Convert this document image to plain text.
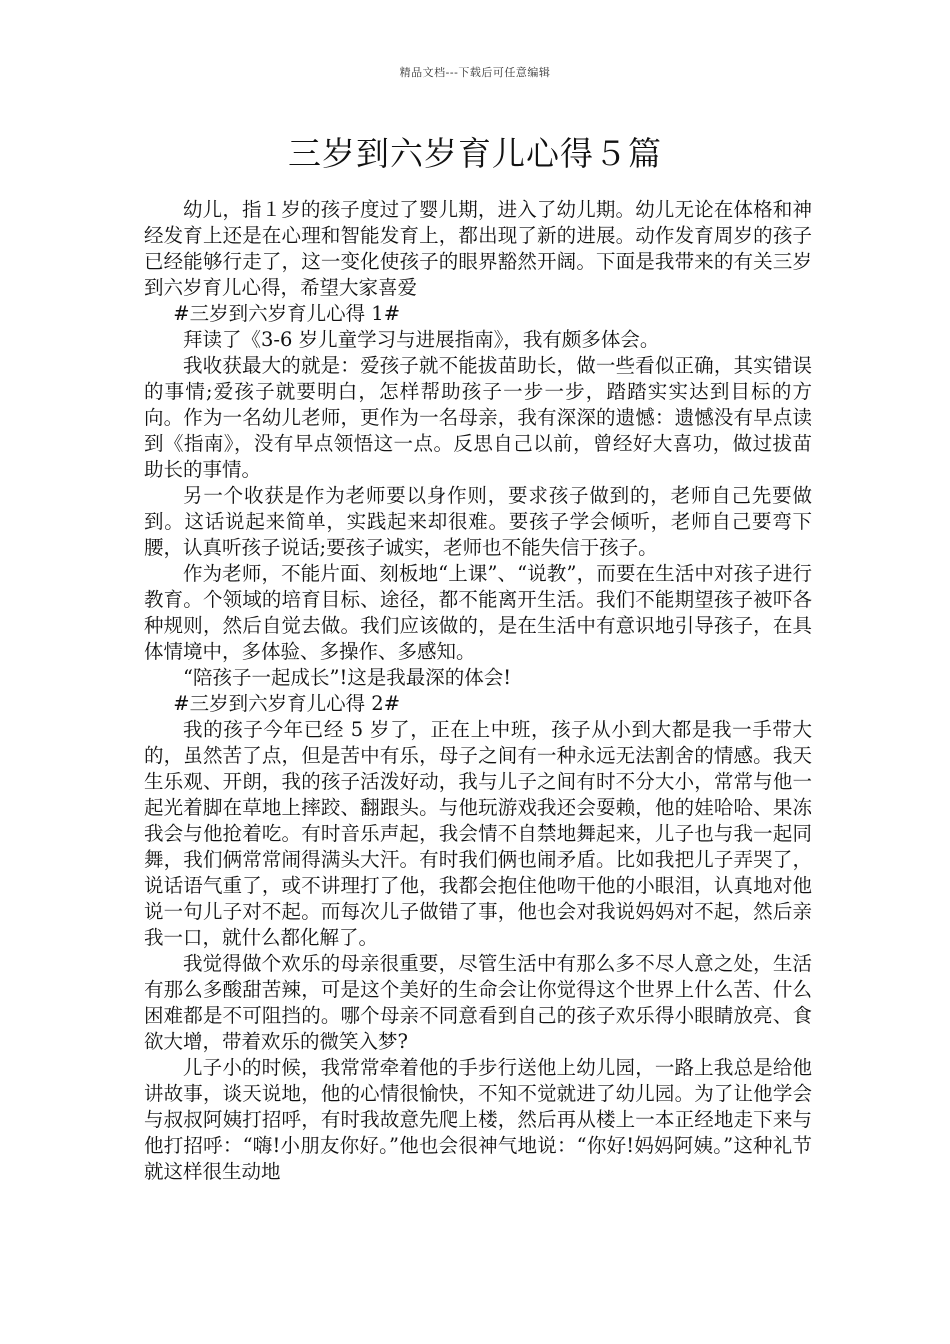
精品文档---下载后可任意编辑
三岁到六岁育儿心得５篇

幼儿，指１岁的孩子度过了婴儿期，进入了幼儿期。幼儿无论在体格和神经发育上还是在心理和智能发育上，都出现了新的进展。动作发育周岁的孩子已经能够行走了，这一变化使孩子的眼界豁然开阔。下面是我带来的有关三岁到六岁育儿心得，希望大家喜爱

#三岁到六岁育儿心得 1#

拜读了《3-6 岁儿童学习与进展指南》，我有颇多体会。

我收获最大的就是：爱孩子就不能拔苗助长，做一些看似正确，其实错误的事情;爱孩子就要明白，怎样帮助孩子一步一步，踏踏实实达到目标的方向。作为一名幼儿老师，更作为一名母亲，我有深深的遗憾：遗憾没有早点读到《指南》，没有早点领悟这一点。反思自己以前，曾经好大喜功，做过拔苗助长的事情。

另一个收获是作为老师要以身作则，要求孩子做到的，老师自己先要做到。这话说起来简单，实践起来却很难。要孩子学会倾听，老师自己要弯下腰，认真听孩子说话;要孩子诚实，老师也不能失信于孩子。

作为老师，不能片面、刻板地“上课”、“说教”，而要在生活中对孩子进行教育。个领域的培育目标、途径，都不能离开生活。我们不能期望孩子被吓各种规则，然后自觉去做。我们应该做的，是在生活中有意识地引导孩子，在具体情境中，多体验、多操作、多感知。

“陪孩子一起成长”!这是我最深的体会!

#三岁到六岁育儿心得 2#

我的孩子今年已经 5 岁了，正在上中班，孩子从小到大都是我一手带大的，虽然苦了点，但是苦中有乐，母子之间有一种永远无法割舍的情感。我天生乐观、开朗，我的孩子活泼好动，我与儿子之间有时不分大小，常常与他一起光着脚在草地上摔跤、翻跟头。与他玩游戏我还会耍赖，他的娃哈哈、果冻我会与他抢着吃。有时音乐声起，我会情不自禁地舞起来，儿子也与我一起同舞，我们俩常常闹得满头大汗。有时我们俩也闹矛盾。比如我把儿子弄哭了，说话语气重了，或不讲理打了他，我都会抱住他吻干他的小眼泪，认真地对他说一句儿子对不起。而每次儿子做错了事，他也会对我说妈妈对不起，然后亲我一口，就什么都化解了。

我觉得做个欢乐的母亲很重要，尽管生活中有那么多不尽人意之处，生活有那么多酸甜苦辣，可是这个美好的生命会让你觉得这个世界上什么苦、什么困难都是不可阻挡的。哪个母亲不同意看到自己的孩子欢乐得小眼睛放亮、食欲大增，带着欢乐的微笑入梦?

儿子小的时候，我常常牵着他的手步行送他上幼儿园，一路上我总是给他讲故事，谈天说地，他的心情很愉快，不知不觉就进了幼儿园。为了让他学会与叔叔阿姨打招呼，有时我故意先爬上楼，然后再从楼上一本正经地走下来与他打招呼：“嗨!小朋友你好。”他也会很神气地说：“你好!妈妈阿姨。”这种礼节就这样很生动地
